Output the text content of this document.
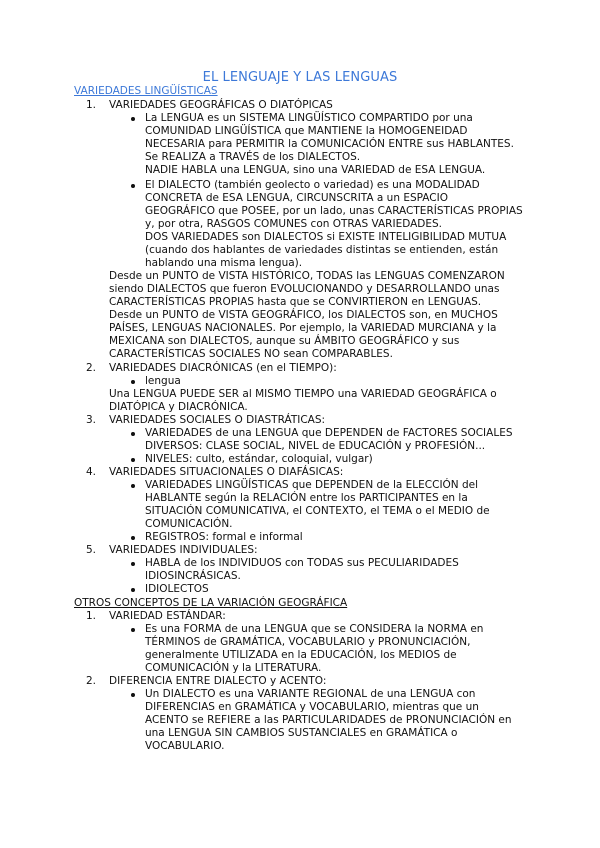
EL LENGUAJE Y LAS LENGUAS
VARIEDADES LINGÜÍSTICAS
1. VARIEDADES GEOGRÁFICAS O DIATÓPICAS
La LENGUA es un SISTEMA LINGÜÍSTICO COMPARTIDO por una
COMUNIDAD LINGÜÍSTICA que MANTIENE la HOMOGENEIDAD
NECESARIA para PERMITIR la COMUNICACIÓN ENTRE sus HABLANTES.
Se REALIZA a TRAVÉS de los DIALECTOS.
NADIE HABLA una LENGUA, sino una VARIEDAD de ESA LENGUA.
El DIALECTO (también geolecto o variedad) es una MODALIDAD
CONCRETA de ESA LENGUA, CIRCUNSCRITA a un ESPACIO
GEOGRÁFICO que POSEE, por un lado, unas CARACTERÍSTICAS PROPIAS
y, por otra, RASGOS COMUNES con OTRAS VARIEDADES.
DOS VARIEDADES son DIALECTOS si EXISTE INTELIGIBILIDAD MUTUA
(cuando dos hablantes de variedades distintas se entienden, están
hablando una misma lengua).
Desde un PUNTO de VISTA HISTÓRICO, TODAS las LENGUAS COMENZARON
siendo DIALECTOS que fueron EVOLUCIONANDO y DESARROLLANDO unas
CARACTERÍSTICAS PROPIAS hasta que se CONVIRTIERON en LENGUAS.
Desde un PUNTO de VISTA GEOGRÁFICO, los DIALECTOS son, en MUCHOS
PAÍSES, LENGUAS NACIONALES. Por ejemplo, la VARIEDAD MURCIANA y la
MEXICANA son DIALECTOS, aunque su ÁMBITO GEOGRÁFICO y sus
CARACTERÍSTICAS SOCIALES NO sean COMPARABLES.
2. VARIEDADES DIACRÓNICAS (en el TIEMPO):
lengua
Una LENGUA PUEDE SER al MISMO TIEMPO una VARIEDAD GEOGRÁFICA o
DIATÓPICA y DIACRÓNICA.
3. VARIEDADES SOCIALES O DIASTRÁTICAS:
VARIEDADES de una LENGUA que DEPENDEN de FACTORES SOCIALES
DIVERSOS: CLASE SOCIAL, NIVEL de EDUCACIÓN y PROFESIÓN...
NIVELES: culto, estándar, coloquial, vulgar)
4. VARIEDADES SITUACIONALES O DIAFÁSICAS:
VARIEDADES LINGÜÍSTICAS que DEPENDEN de la ELECCIÓN del
HABLANTE según la RELACIÓN entre los PARTICIPANTES en la
SITUACIÓN COMUNICATIVA, el CONTEXTO, el TEMA o el MEDIO de
COMUNICACIÓN.
REGISTROS: formal e informal
5. VARIEDADES INDIVIDUALES:
HABLA de los INDIVIDUOS con TODAS sus PECULIARIDADES
IDIOSINCRÁSICAS.
IDIOLECTOS
OTROS CONCEPTOS DE LA VARIACIÓN GEOGRÁFICA
1. VARIEDAD ESTÁNDAR:
Es una FORMA de una LENGUA que se CONSIDERA la NORMA en
TÉRMINOS de GRAMÁTICA, VOCABULARIO y PRONUNCIACIÓN,
generalmente UTILIZADA en la EDUCACIÓN, los MEDIOS de
COMUNICACIÓN y la LITERATURA.
2. DIFERENCIA ENTRE DIALECTO y ACENTO:
Un DIALECTO es una VARIANTE REGIONAL de una LENGUA con
DIFERENCIAS en GRAMÁTICA y VOCABULARIO, mientras que un
ACENTO se REFIERE a las PARTICULARIDADES de PRONUNCIACIÓN en
una LENGUA SIN CAMBIOS SUSTANCIALES en GRAMÁTICA o
VOCABULARIO.
